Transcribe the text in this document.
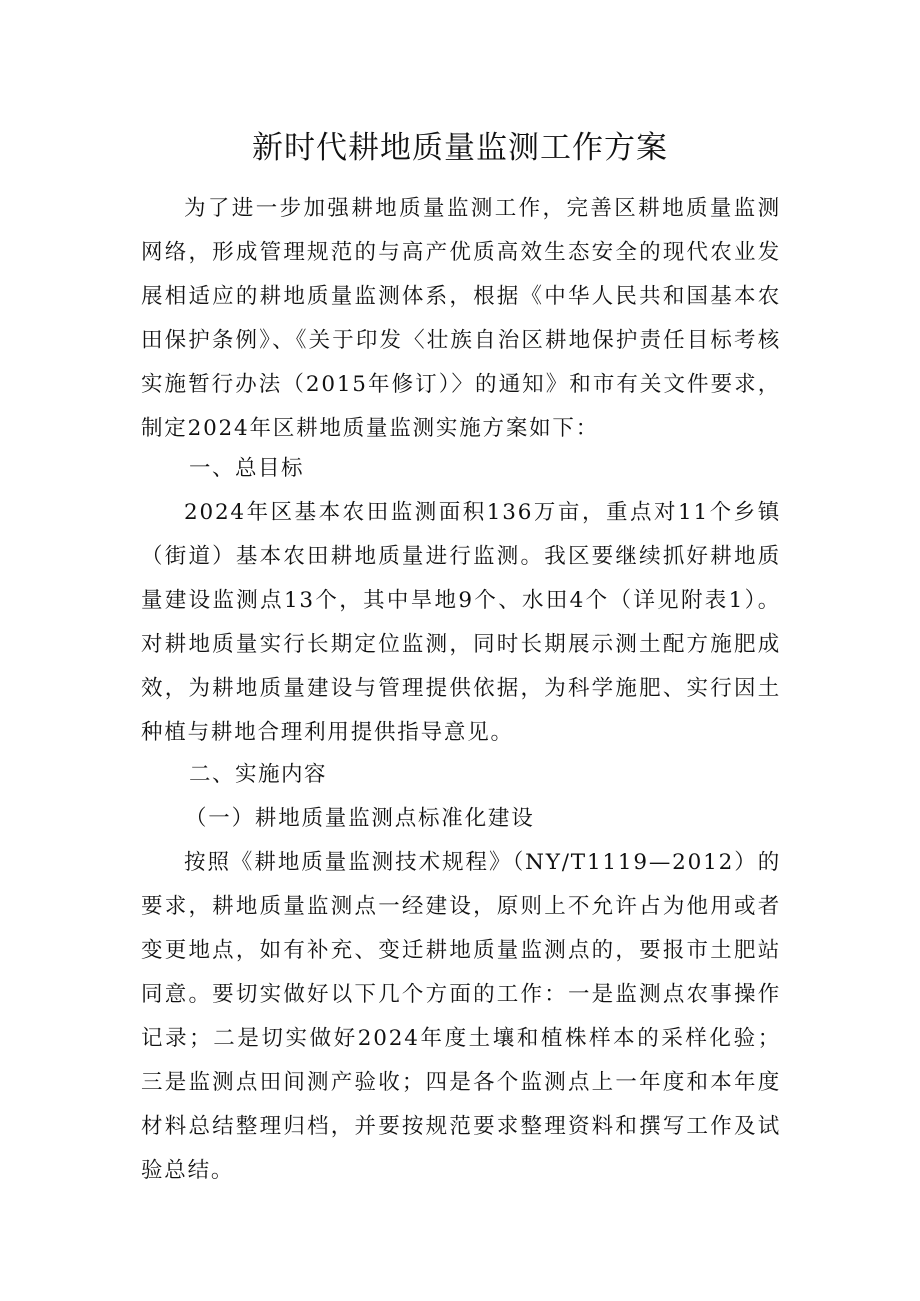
新时代耕地质量监测工作方案

为了进一步加强耕地质量监测工作，完善区耕地质量监测网络，形成管理规范的与高产优质高效生态安全的现代农业发展相适应的耕地质量监测体系，根据《中华人民共和国基本农田保护条例》、《关于印发〈壮族自治区耕地保护责任目标考核实施暂行办法（2015年修订）〉的通知》和市有关文件要求，制定2024年区耕地质量监测实施方案如下：

一、总目标

2024年区基本农田监测面积136万亩，重点对11个乡镇（街道）基本农田耕地质量进行监测。我区要继续抓好耕地质量建设监测点13个，其中旱地9个、水田4个（详见附表1）。对耕地质量实行长期定位监测，同时长期展示测土配方施肥成效，为耕地质量建设与管理提供依据，为科学施肥、实行因土种植与耕地合理利用提供指导意见。

二、实施内容

（一）耕地质量监测点标准化建设

按照《耕地质量监测技术规程》（NY/T1119—2012）的要求，耕地质量监测点一经建设，原则上不允许占为他用或者变更地点，如有补充、变迁耕地质量监测点的，要报市土肥站同意。要切实做好以下几个方面的工作：一是监测点农事操作记录；二是切实做好2024年度土壤和植株样本的采样化验；三是监测点田间测产验收；四是各个监测点上一年度和本年度材料总结整理归档，并要按规范要求整理资料和撰写工作及试验总结。
